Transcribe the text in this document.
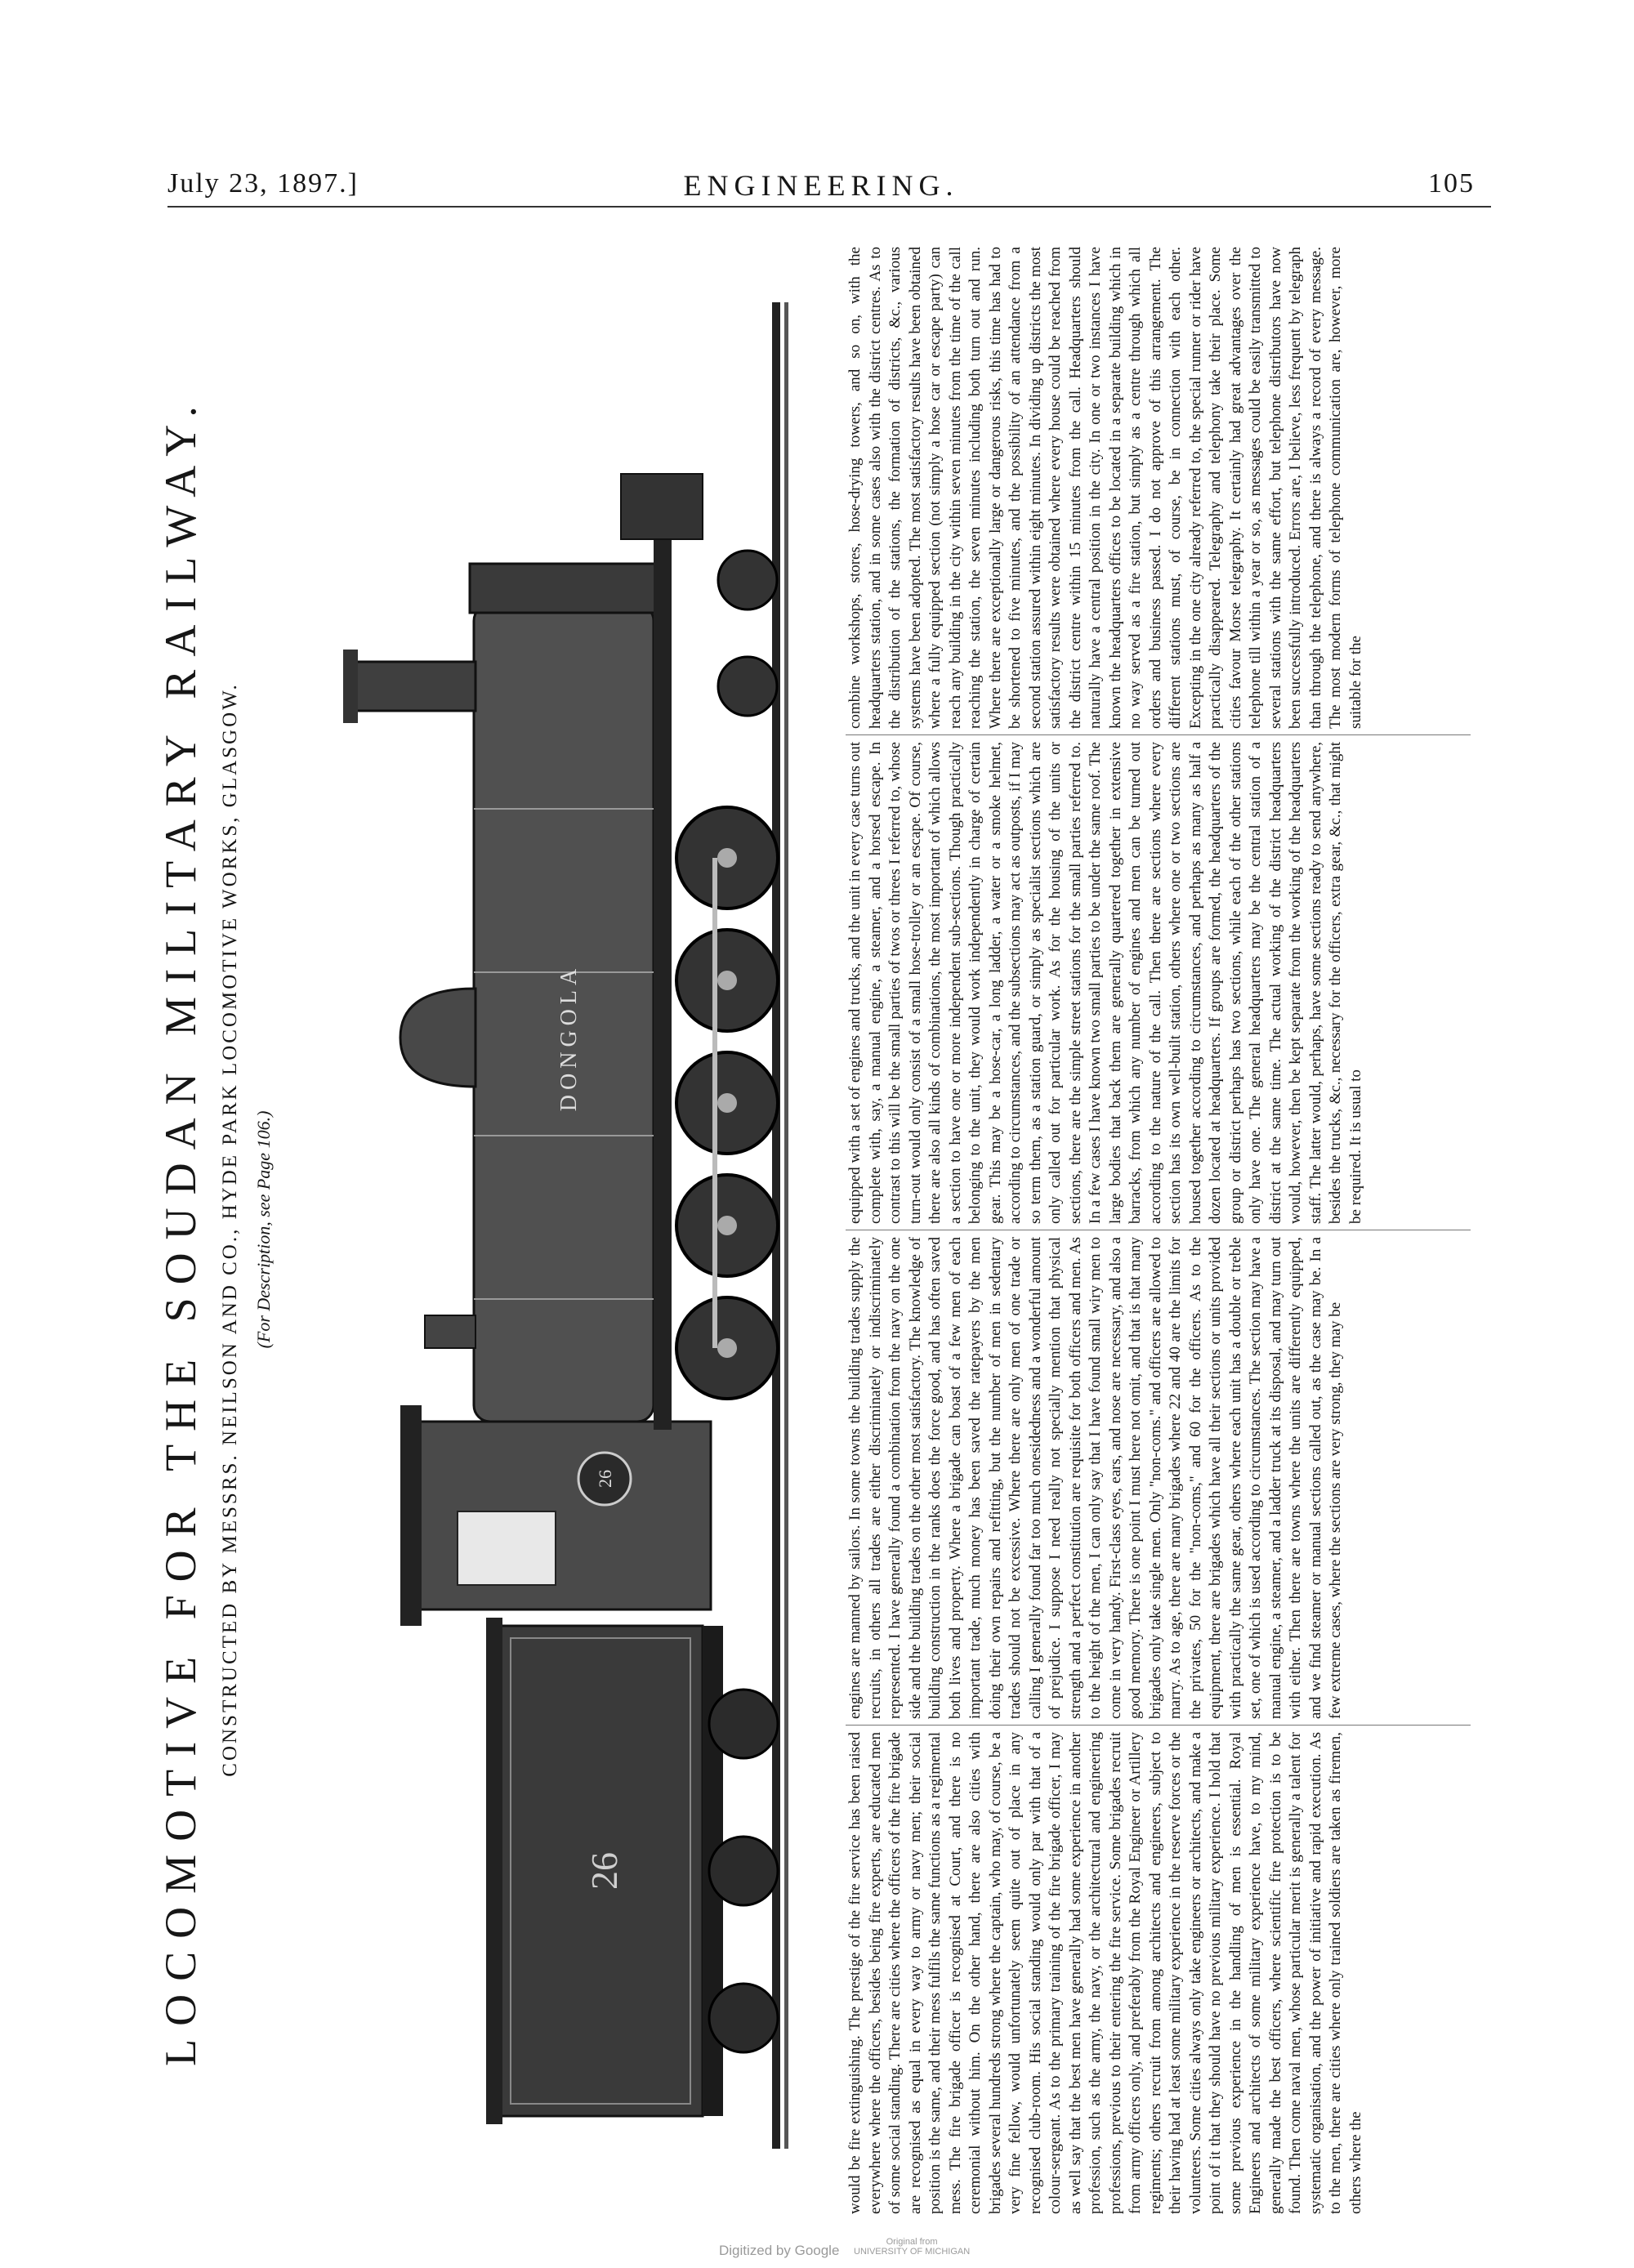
July 23, 1897.]	ENGINEERING.	105
LOCOMOTIVE FOR THE SOUDAN MILITARY RAILWAY. CONSTRUCTED BY MESSRS. NEILSON AND CO., HYDE PARK LOCOMOTIVE WORKS, GLASGOW. (For Description, see Page 106.)
26
26
DONGOLA
would be fire extinguishing. The prestige of the fire service has been raised everywhere where the officers, besides being fire experts, are educated men of some social standing. There are cities where the officers of the fire brigade are recognised as equal in every way to army or navy men; their social position is the same, and their mess fulfils the same functions as a regimental mess. The fire brigade officer is recognised at Court, and there is no ceremonial without him. On the other hand, there are also cities with brigades several hundreds strong where the captain, who may, of course, be a very fine fellow, would unfortunately seem quite out of place in any recognised club-room. His social standing would only par with that of a colour-sergeant. As to the primary training of the fire brigade officer, I may as well say that the best men have generally had some experience in another profession, such as the army, the navy, or the architectural and engineering professions, previous to their entering the fire service. Some brigades recruit from army officers only, and preferably from the Royal Engineer or Artillery regiments; others recruit from among architects and engineers, subject to their having had at least some military experience in the reserve forces or the volunteers. Some cities always only take engineers or architects, and make a point of it that they should have no previous military experience. I hold that some previous experience in the handling of men is essential. Royal Engineers and architects of some military experience have, to my mind, generally made the best officers, where scientific fire protection is to be found. Then come naval men, whose particular merit is generally a talent for systematic organisation, and the power of initiative and rapid execution. As to the men, there are cities where only trained soldiers are taken as firemen, others where the
engines are manned by sailors. In some towns the building trades supply the recruits, in others all trades are either discriminately or indiscriminately represented. I have generally found a combination from the navy on the one side and the building trades on the other most satisfactory. The knowledge of building construction in the ranks does the force good, and has often saved both lives and property. Where a brigade can boast of a few men of each important trade, much money has been saved the ratepayers by the men doing their own repairs and refitting, but the number of men in sedentary trades should not be excessive. Where there are only men of one trade or calling I generally found far too much onesidedness and a wonderful amount of prejudice. I suppose I need really not specially mention that physical strength and a perfect constitution are requisite for both officers and men. As to the height of the men, I can only say that I have found small wiry men to come in very handy. First-class eyes, ears, and nose are necessary, and also a good memory. There is one point I must here not omit, and that is that many brigades only take single men. Only "non-coms." and officers are allowed to marry. As to age, there are many brigades where 22 and 40 are the limits for the privates, 50 for the "non-coms," and 60 for the officers. As to the equipment, there are brigades which have all their sections or units provided with practically the same gear, others where each unit has a double or treble set, one of which is used according to circumstances. The section may have a manual engine, a steamer, and a ladder truck at its disposal, and may turn out with either. Then there are towns where the units are differently equipped, and we find steamer or manual sections called out, as the case may be. In a few extreme cases, where the sections are very strong, they may be
equipped with a set of engines and trucks, and the unit in every case turns out complete with, say, a manual engine, a steamer, and a horsed escape. In contrast to this will be the small parties of twos or threes I referred to, whose turn-out would only consist of a small hose-trolley or an escape. Of course, there are also all kinds of combinations, the most important of which allows a section to have one or more independent sub-sections. Though practically belonging to the unit, they would work independently in charge of certain gear. This may be a hose-car, a long ladder, a water or a smoke helmet, according to circumstances, and the subsections may act as outposts, if I may so term them, as a station guard, or simply as specialist sections which are only called out for particular work. As for the housing of the units or sections, there are the simple street stations for the small parties referred to. In a few cases I have known two small parties to be under the same roof. The large bodies that back them are generally quartered together in extensive barracks, from which any number of engines and men can be turned out according to the nature of the call. Then there are sections where every section has its own well-built station, others where one or two sections are housed together according to circumstances, and perhaps as many as half a dozen located at headquarters. If groups are formed, the headquarters of the group or district perhaps has two sections, while each of the other stations only have one. The general headquarters may be the central station of a district at the same time. The actual working of the district headquarters would, however, then be kept separate from the working of the headquarters staff. The latter would, perhaps, have some sections ready to send anywhere, besides the trucks, &c., necessary for the officers, extra gear, &c., that might be required. It is usual to
combine workshops, stores, hose-drying towers, and so on, with the headquarters station, and in some cases also with the district centres. As to the distribution of the stations, the formation of districts, &c., various systems have been adopted. The most satisfactory results have been obtained where a fully equipped section (not simply a hose car or escape party) can reach any building in the city within seven minutes from the time of the call reaching the station, the seven minutes including both turn out and run. Where there are exceptionally large or dangerous risks, this time has had to be shortened to five minutes, and the possibility of an attendance from a second station assured within eight minutes. In dividing up districts the most satisfactory results were obtained where every house could be reached from the district centre within 15 minutes from the call. Headquarters should naturally have a central position in the city. In one or two instances I have known the headquarters offices to be located in a separate building which in no way served as a fire station, but simply as a centre through which all orders and business passed. I do not approve of this arrangement. The different stations must, of course, be in connection with each other. Excepting in the one city already referred to, the special runner or rider have practically disappeared. Telegraphy and telephony take their place. Some cities favour Morse telegraphy. It certainly had great advantages over the telephone till within a year or so, as messages could be easily transmitted to several stations with the same effort, but telephone distributors have now been successfully introduced. Errors are, I believe, less frequent by telegraph than through the telephone, and there is always a record of every message. The most modern forms of telephone communication are, however, more suitable for the
Digitized by Google
Original from
UNIVERSITY OF MICHIGAN
